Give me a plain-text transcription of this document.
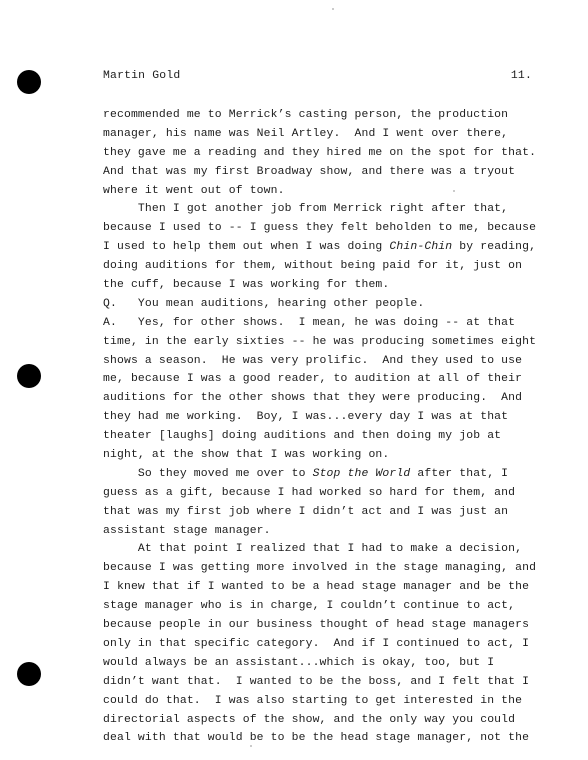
Martin Gold	11.
recommended me to Merrick’s casting person, the production
manager, his name was Neil Artley.  And I went over there,
they gave me a reading and they hired me on the spot for that.
And that was my first Broadway show, and there was a tryout
where it went out of town.
Then I got another job from Merrick right after that,
because I used to -- I guess they felt beholden to me, because
I used to help them out when I was doing Chin-Chin by reading,
doing auditions for them, without being paid for it, just on
the cuff, because I was working for them.
Q.   You mean auditions, hearing other people.
A.   Yes, for other shows.  I mean, he was doing -- at that
time, in the early sixties -- he was producing sometimes eight
shows a season.  He was very prolific.  And they used to use
me, because I was a good reader, to audition at all of their
auditions for the other shows that they were producing.  And
they had me working.  Boy, I was...every day I was at that
theater [laughs] doing auditions and then doing my job at
night, at the show that I was working on.
So they moved me over to Stop the World after that, I
guess as a gift, because I had worked so hard for them, and
that was my first job where I didn’t act and I was just an
assistant stage manager.
At that point I realized that I had to make a decision,
because I was getting more involved in the stage managing, and
I knew that if I wanted to be a head stage manager and be the
stage manager who is in charge, I couldn’t continue to act,
because people in our business thought of head stage managers
only in that specific category.  And if I continued to act, I
would always be an assistant...which is okay, too, but I
didn’t want that.  I wanted to be the boss, and I felt that I
could do that.  I was also starting to get interested in the
directorial aspects of the show, and the only way you could
deal with that would be to be the head stage manager, not the
